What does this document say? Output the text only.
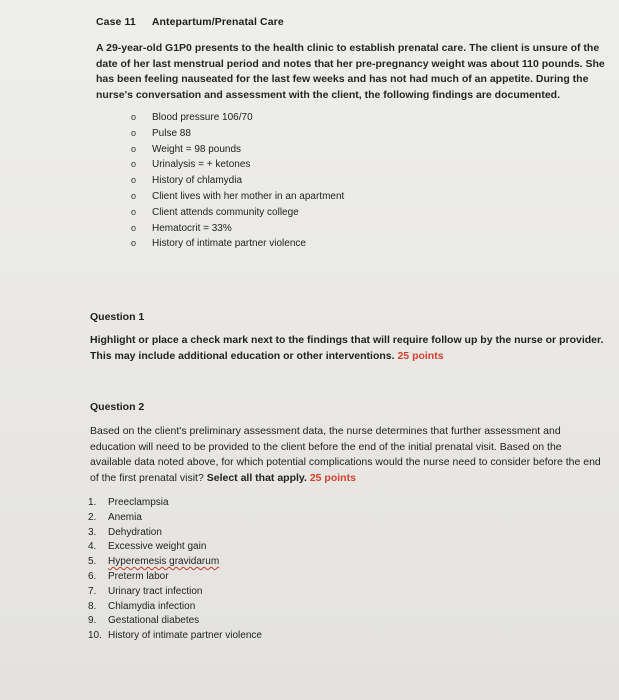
Case 11 Antepartum/Prenatal Care
A 29-year-old G1P0 presents to the health clinic to establish prenatal care. The client is unsure of the date of her last menstrual period and notes that her pre-pregnancy weight was about 110 pounds. She has been feeling nauseated for the last few weeks and has not had much of an appetite. During the nurse's conversation and assessment with the client, the following findings are documented.
o Blood pressure 106/70
o Pulse 88
o Weight = 98 pounds
o Urinalysis = + ketones
o History of chlamydia
o Client lives with her mother in an apartment
o Client attends community college
o Hematocrit = 33%
o History of intimate partner violence
Question 1
Highlight or place a check mark next to the findings that will require follow up by the nurse or provider. This may include additional education or other interventions. 25 points
Question 2
Based on the client's preliminary assessment data, the nurse determines that further assessment and education will need to be provided to the client before the end of the initial prenatal visit. Based on the available data noted above, for which potential complications would the nurse need to consider before the end of the first prenatal visit? Select all that apply. 25 points
1. Preeclampsia
2. Anemia
3. Dehydration
4. Excessive weight gain
5. Hyperemesis gravidarum
6. Preterm labor
7. Urinary tract infection
8. Chlamydia infection
9. Gestational diabetes
10. History of intimate partner violence
